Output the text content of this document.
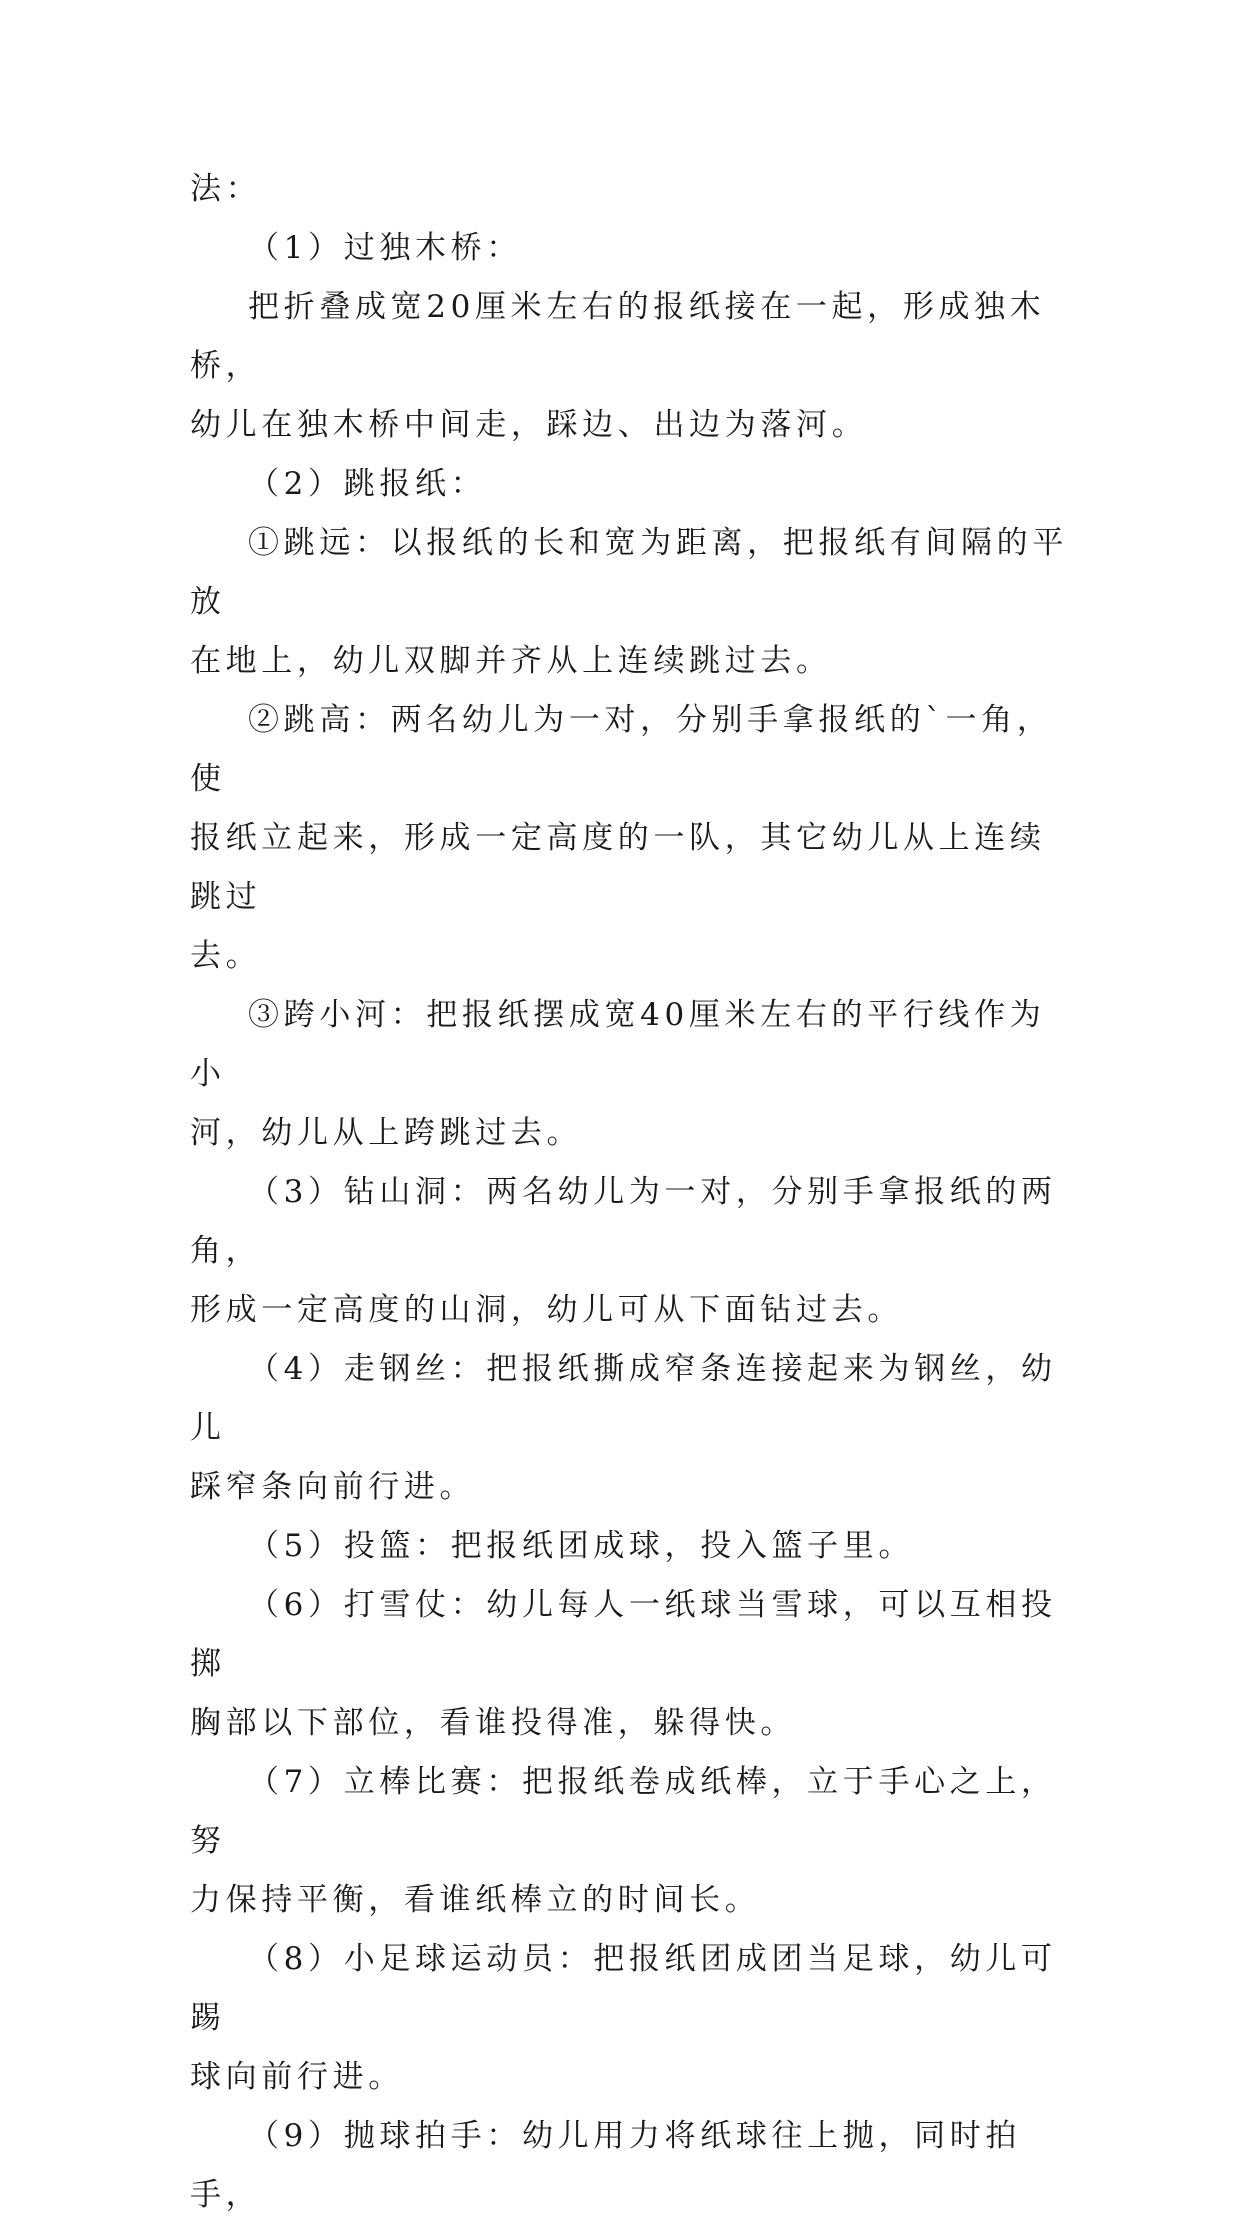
法：

（1）过独木桥：

把折叠成宽20厘米左右的报纸接在一起，形成独木桥，

幼儿在独木桥中间走，踩边、出边为落河。

（2）跳报纸：

①跳远：以报纸的长和宽为距离，把报纸有间隔的平放

在地上，幼儿双脚并齐从上连续跳过去。

②跳高：两名幼儿为一对，分别手拿报纸的`一角，使

报纸立起来，形成一定高度的一队，其它幼儿从上连续跳过

去。

③跨小河：把报纸摆成宽40厘米左右的平行线作为小

河，幼儿从上跨跳过去。

（3）钻山洞：两名幼儿为一对，分别手拿报纸的两角，

形成一定高度的山洞，幼儿可从下面钻过去。

（4）走钢丝：把报纸撕成窄条连接起来为钢丝，幼儿

踩窄条向前行进。

（5）投篮：把报纸团成球，投入篮子里。

（6）打雪仗：幼儿每人一纸球当雪球，可以互相投掷

胸部以下部位，看谁投得准，躲得快。

（7）立棒比赛：把报纸卷成纸棒，立于手心之上，努

力保持平衡，看谁纸棒立的时间长。

（8）小足球运动员：把报纸团成团当足球，幼儿可踢

球向前行进。

（9）抛球拍手：幼儿用力将纸球往上抛，同时拍手，
